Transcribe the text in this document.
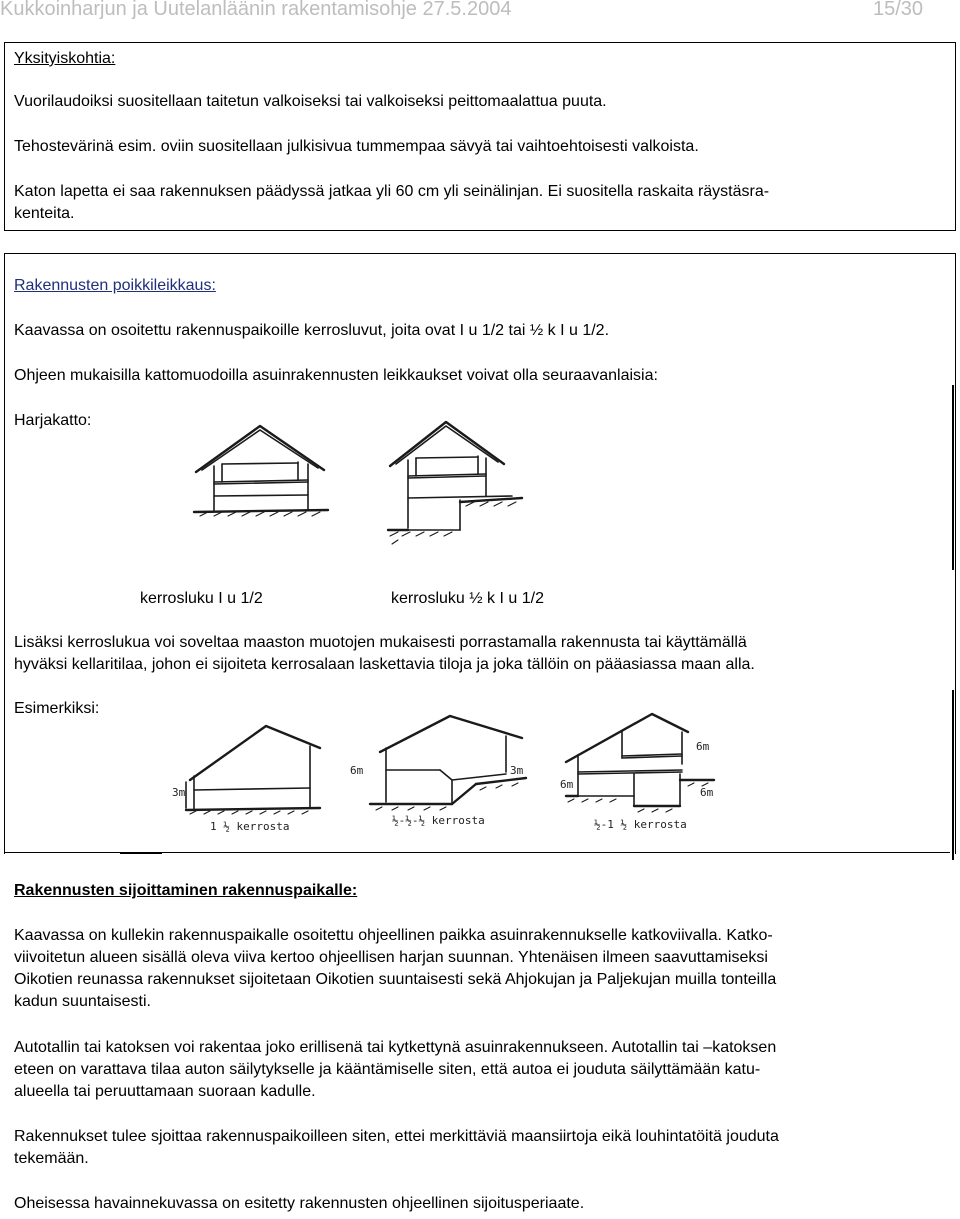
Kukkoinharjun ja Uutelanläänin rakentamisohje 27.5.2004	15/30
Yksityiskohtia:
Vuorilaudoiksi suositellaan taitetun valkoiseksi tai valkoiseksi peittomaalattua puuta.
Tehostevärinä esim. oviin suositellaan julkisivua tummempaa sävyä tai vaihtoehtoisesti valkoista.
Katon lapetta ei saa rakennuksen päädyssä jatkaa yli 60 cm yli seinälinjan. Ei suositella raskaita räystäsra-
kenteita.
Rakennusten poikkileikkaus:
Kaavassa on osoitettu rakennuspaikoille kerrosluvut, joita ovat I u 1/2 tai ½ k I u 1/2.
Ohjeen mukaisilla kattomuodoilla asuinrakennusten leikkaukset voivat olla seuraavanlaisia:
Harjakatto:
kerrosluku I u 1/2	kerrosluku ½ k I u 1/2
Lisäksi kerroslukua voi soveltaa maaston muotojen mukaisesti porrastamalla rakennusta tai käyttämällä
hyväksi kellaritilaa, johon ei sijoiteta kerrosalaan laskettavia tiloja ja joka tällöin on pääasiassa maan alla.
Esimerkiksi:
3m
1 ½ kerrosta
6m	3m
½-½-½ kerrosta
6m
6m
6m
½-1 ½ kerrosta
Rakennusten sijoittaminen rakennuspaikalle:
Kaavassa on kullekin rakennuspaikalle osoitettu ohjeellinen paikka asuinrakennukselle katkoviivalla. Katko-
viivoitetun alueen sisällä oleva viiva kertoo ohjeellisen harjan suunnan. Yhtenäisen ilmeen saavuttamiseksi
Oikotien reunassa rakennukset sijoitetaan Oikotien suuntaisesti sekä Ahjokujan ja Paljekujan muilla tonteilla
kadun suuntaisesti.
Autotallin tai katoksen voi rakentaa joko erillisenä tai kytkettynä asuinrakennukseen. Autotallin tai –katoksen
eteen on varattava tilaa auton säilytykselle ja kääntämiselle siten, että autoa ei jouduta säilyttämään katu-
alueella tai peruuttamaan suoraan kadulle.
Rakennukset tulee sjoittaa rakennuspaikoilleen siten, ettei merkittäviä maansiirtoja eikä louhintatöitä jouduta
tekemään.
Oheisessa havainnekuvassa on esitetty rakennusten ohjeellinen sijoitusperiaate.
